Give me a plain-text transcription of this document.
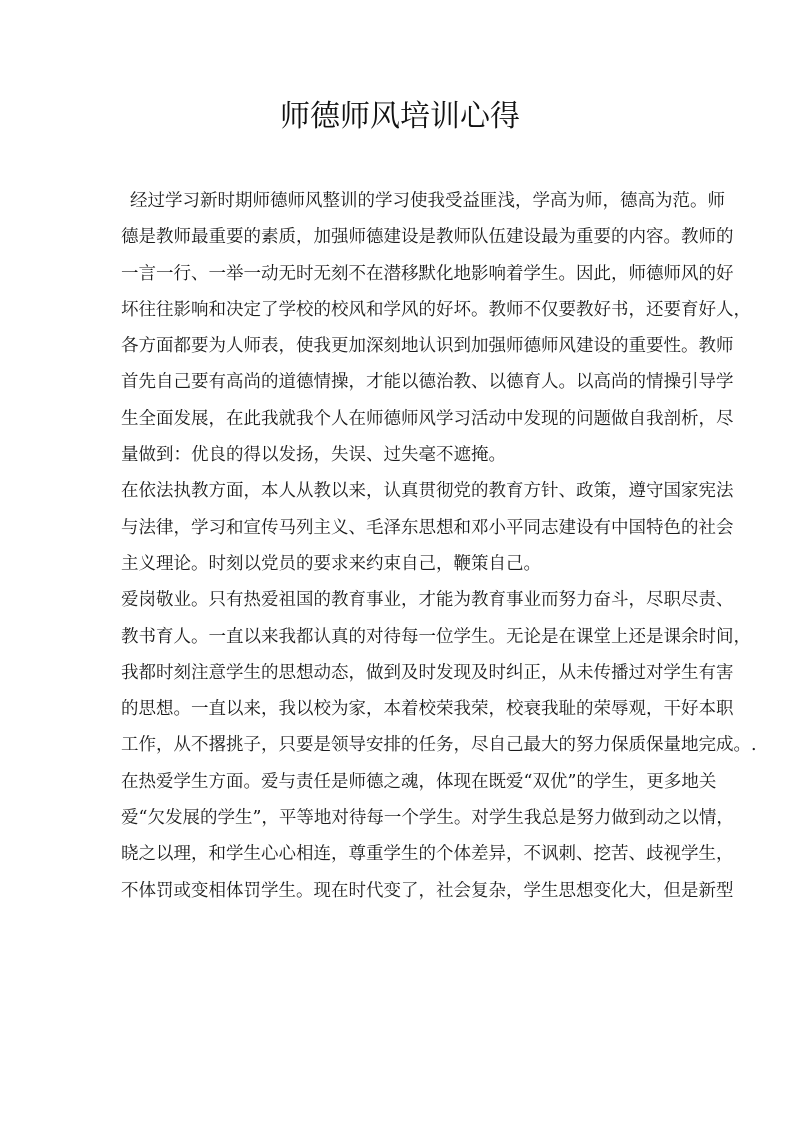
师德师风培训心得
经过学习新时期师德师风整训的学习使我受益匪浅，学高为师，德高为范。师
德是教师最重要的素质，加强师德建设是教师队伍建设最为重要的内容。教师的
一言一行、一举一动无时无刻不在潜移默化地影响着学生。因此，师德师风的好
坏往往影响和决定了学校的校风和学风的好坏。教师不仅要教好书，还要育好人，
各方面都要为人师表，使我更加深刻地认识到加强师德师风建设的重要性。教师
首先自己要有高尚的道德情操，才能以德治教、以德育人。以高尚的情操引导学
生全面发展，在此我就我个人在师德师风学习活动中发现的问题做自我剖析，尽
量做到：优良的得以发扬，失误、过失毫不遮掩。
在依法执教方面，本人从教以来，认真贯彻党的教育方针、政策，遵守国家宪法
与法律，学习和宣传马列主义、毛泽东思想和邓小平同志建设有中国特色的社会
主义理论。时刻以党员的要求来约束自己，鞭策自己。
爱岗敬业。只有热爱祖国的教育事业，才能为教育事业而努力奋斗，尽职尽责、
教书育人。一直以来我都认真的对待每一位学生。无论是在课堂上还是课余时间，
我都时刻注意学生的思想动态，做到及时发现及时纠正，从未传播过对学生有害
的思想。一直以来，我以校为家，本着校荣我荣，校衰我耻的荣辱观，干好本职
工作，从不撂挑子，只要是领导安排的任务，尽自己最大的努力保质保量地完成。.
在热爱学生方面。爱与责任是师德之魂，体现在既爱“双优”的学生，更多地关
爱“欠发展的学生”，平等地对待每一个学生。对学生我总是努力做到动之以情，
晓之以理，和学生心心相连，尊重学生的个体差异，不讽刺、挖苦、歧视学生，
不体罚或变相体罚学生。现在时代变了，社会复杂，学生思想变化大，但是新型
